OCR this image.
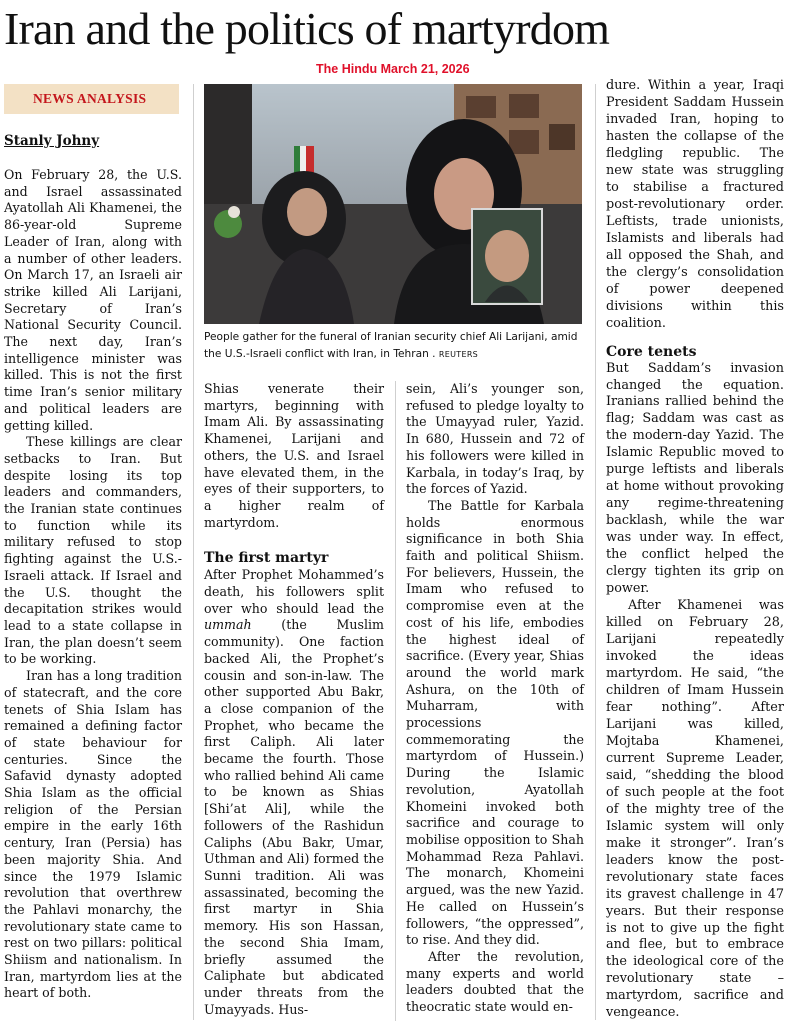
Iran and the politics of martyrdom
The Hindu March 21, 2026
NEWS ANALYSIS
People gather for the funeral of Iranian security chief Ali Larijani, amid the U.S.-Israeli conflict with Iran, in Tehran . REUTERS
Stanly Johny

On February 28, the U.S. and Israel assassinated Ayatollah Ali Khamenei, the 86-year-old Supreme Leader of Iran, along with a number of other leaders. On March 17, an Israeli air strike killed Ali Larijani, Secretary of Iran’s National Security Council. The next day, Iran’s intelligence minister was killed. This is not the first time Iran’s senior military and political leaders are getting killed.

These killings are clear setbacks to Iran. But despite losing its top leaders and commanders, the Iranian state continues to function while its military refused to stop fighting against the U.S.-Israeli attack. If Israel and the U.S. thought the decapitation strikes would lead to a state collapse in Iran, the plan doesn’t seem to be working.

Iran has a long tradition of statecraft, and the core tenets of Shia Islam has remained a defining factor of state behaviour for centuries. Since the Safavid dynasty adopted Shia Islam as the official religion of the Persian empire in the early 16th century, Iran (Persia) has been majority Shia. And since the 1979 Islamic revolution that overthrew the Pahlavi monarchy, the revolutionary state came to rest on two pillars: political Shiism and nationalism. In Iran, martyrdom lies at the heart of both.

Shias venerate their martyrs, beginning with Imam Ali. By assassinating Khamenei, Larijani and others, the U.S. and Israel have elevated them, in the eyes of their supporters, to a higher realm of martyrdom.

The first martyr

After Prophet Mohammed’s death, his followers split over who should lead the ummah (the Muslim community). One faction backed Ali, the Prophet’s cousin and son-in-law. The other supported Abu Bakr, a close companion of the Prophet, who became the first Caliph. Ali later became the fourth. Those who rallied behind Ali came to be known as Shias [Shi’at Ali], while the followers of the Rashidun Caliphs (Abu Bakr, Umar, Uthman and Ali) formed the Sunni tradition. Ali was assassinated, becoming the first martyr in Shia memory. His son Hassan, the second Shia Imam, briefly assumed the Caliphate but abdicated under threats from the Umayyads. Hus-

sein, Ali’s younger son, refused to pledge loyalty to the Umayyad ruler, Yazid. In 680, Hussein and 72 of his followers were killed in Karbala, in today’s Iraq, by the forces of Yazid.

The Battle for Karbala holds enormous significance in both Shia faith and political Shiism. For believers, Hussein, the Imam who refused to compromise even at the cost of his life, embodies the highest ideal of sacrifice. (Every year, Shias around the world mark Ashura, on the 10th of Muharram, with processions commemorating the martyrdom of Hussein.) During the Islamic revolution, Ayatollah Khomeini invoked both sacrifice and courage to mobilise opposition to Shah Mohammad Reza Pahlavi. The monarch, Khomeini argued, was the new Yazid. He called on Hussein’s followers, “the oppressed”, to rise. And they did.

After the revolution, many experts and world leaders doubted that the theocratic state would en-

dure. Within a year, Iraqi President Saddam Hussein invaded Iran, hoping to hasten the collapse of the fledgling republic. The new state was struggling to stabilise a fractured post-revolutionary order. Leftists, trade unionists, Islamists and liberals had all opposed the Shah, and the clergy’s consolidation of power deepened divisions within this coalition.

Core tenets

But Saddam’s invasion changed the equation. Iranians rallied behind the flag; Saddam was cast as the modern-day Yazid. The Islamic Republic moved to purge leftists and liberals at home without provoking any regime-threatening backlash, while the war was under way. In effect, the conflict helped the clergy tighten its grip on power.

After Khamenei was killed on February 28, Larijani repeatedly invoked the ideas martyrdom. He said, “the children of Imam Hussein fear nothing”. After Larijani was killed, Mojtaba Khamenei, current Supreme Leader, said, “shedding the blood of such people at the foot of the mighty tree of the Islamic system will only make it stronger”. Iran’s leaders know the post-revolutionary state faces its gravest challenge in 47 years. But their response is not to give up the fight and flee, but to embrace the ideological core of the revolutionary state – martyrdom, sacrifice and vengeance.
